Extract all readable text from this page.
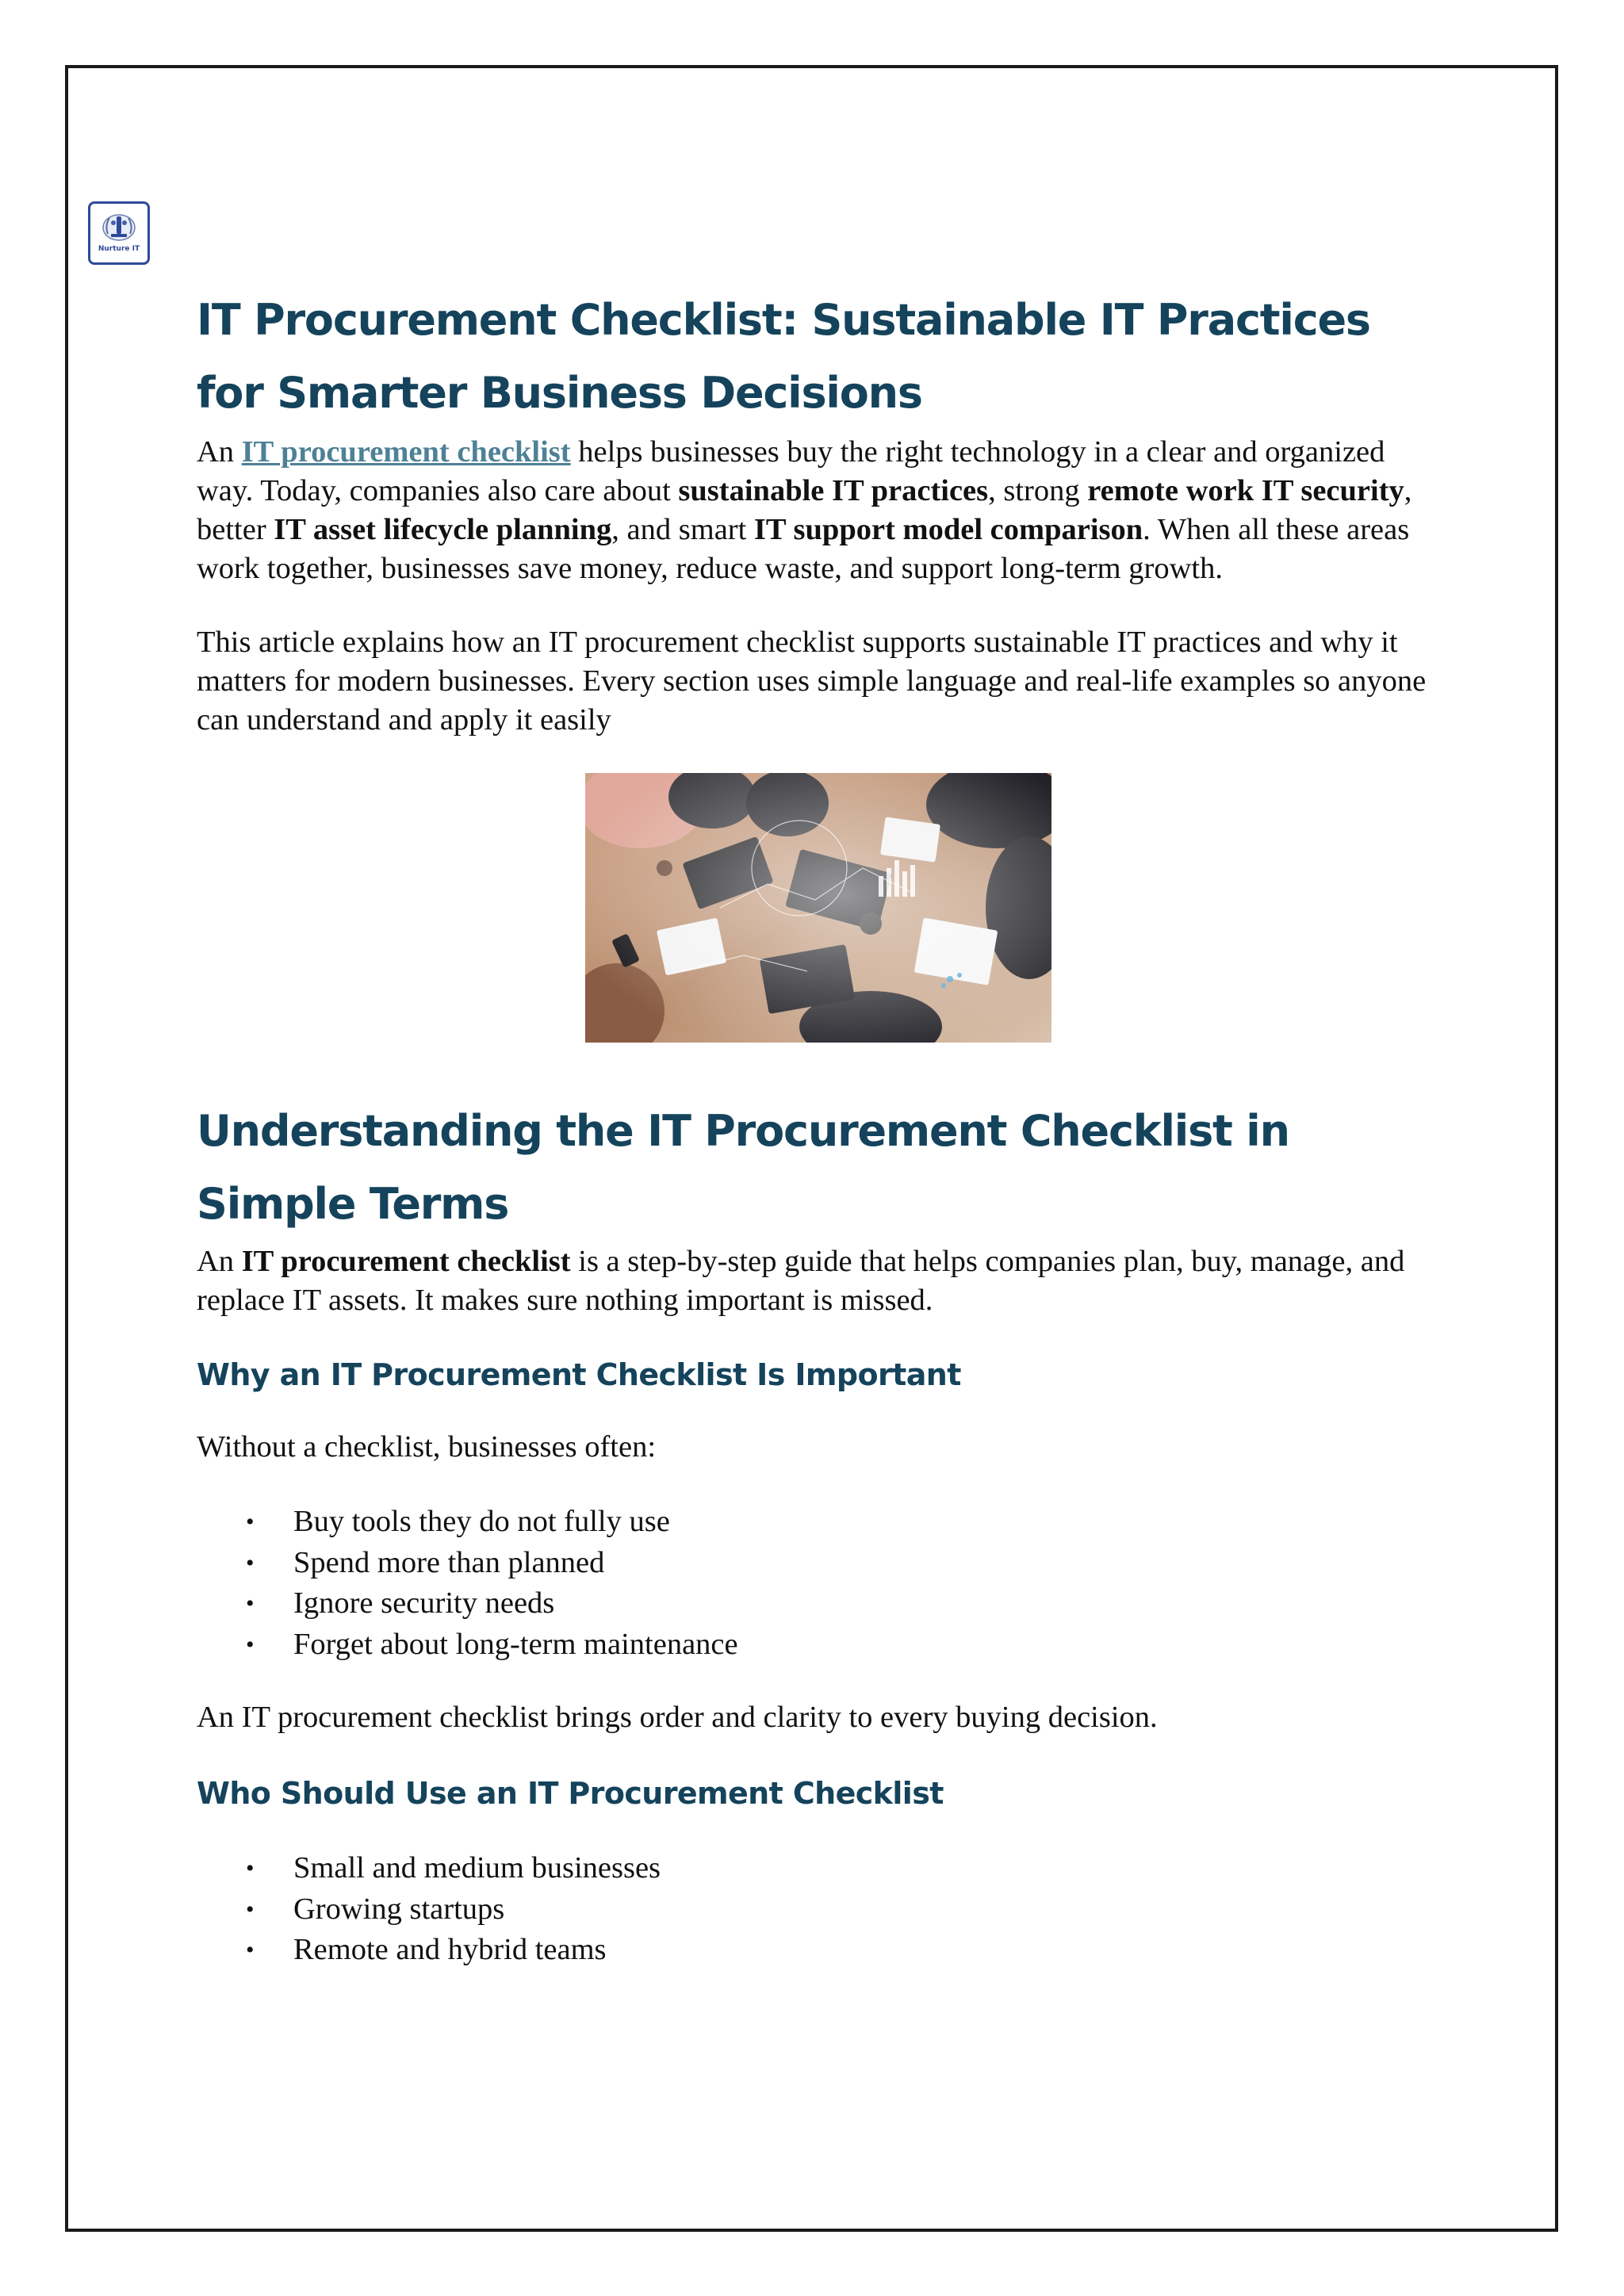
Nurture IT
IT Procurement Checklist: Sustainable IT Practices for Smarter Business Decisions

An IT procurement checklist helps businesses buy the right technology in a clear and organized way. Today, companies also care about sustainable IT practices, strong remote work IT security, better IT asset lifecycle planning, and smart IT support model comparison. When all these areas work together, businesses save money, reduce waste, and support long-term growth.

This article explains how an IT procurement checklist supports sustainable IT practices and why it matters for modern businesses. Every section uses simple language and real-life examples so anyone can understand and apply it easily

Understanding the IT Procurement Checklist in Simple Terms

An IT procurement checklist is a step-by-step guide that helps companies plan, buy, manage, and replace IT assets. It makes sure nothing important is missed.

Why an IT Procurement Checklist Is Important

Without a checklist, businesses often:

• Buy tools they do not fully use
• Spend more than planned
• Ignore security needs
• Forget about long-term maintenance

An IT procurement checklist brings order and clarity to every buying decision.

Who Should Use an IT Procurement Checklist
• Small and medium businesses
• Growing startups
• Remote and hybrid teams
